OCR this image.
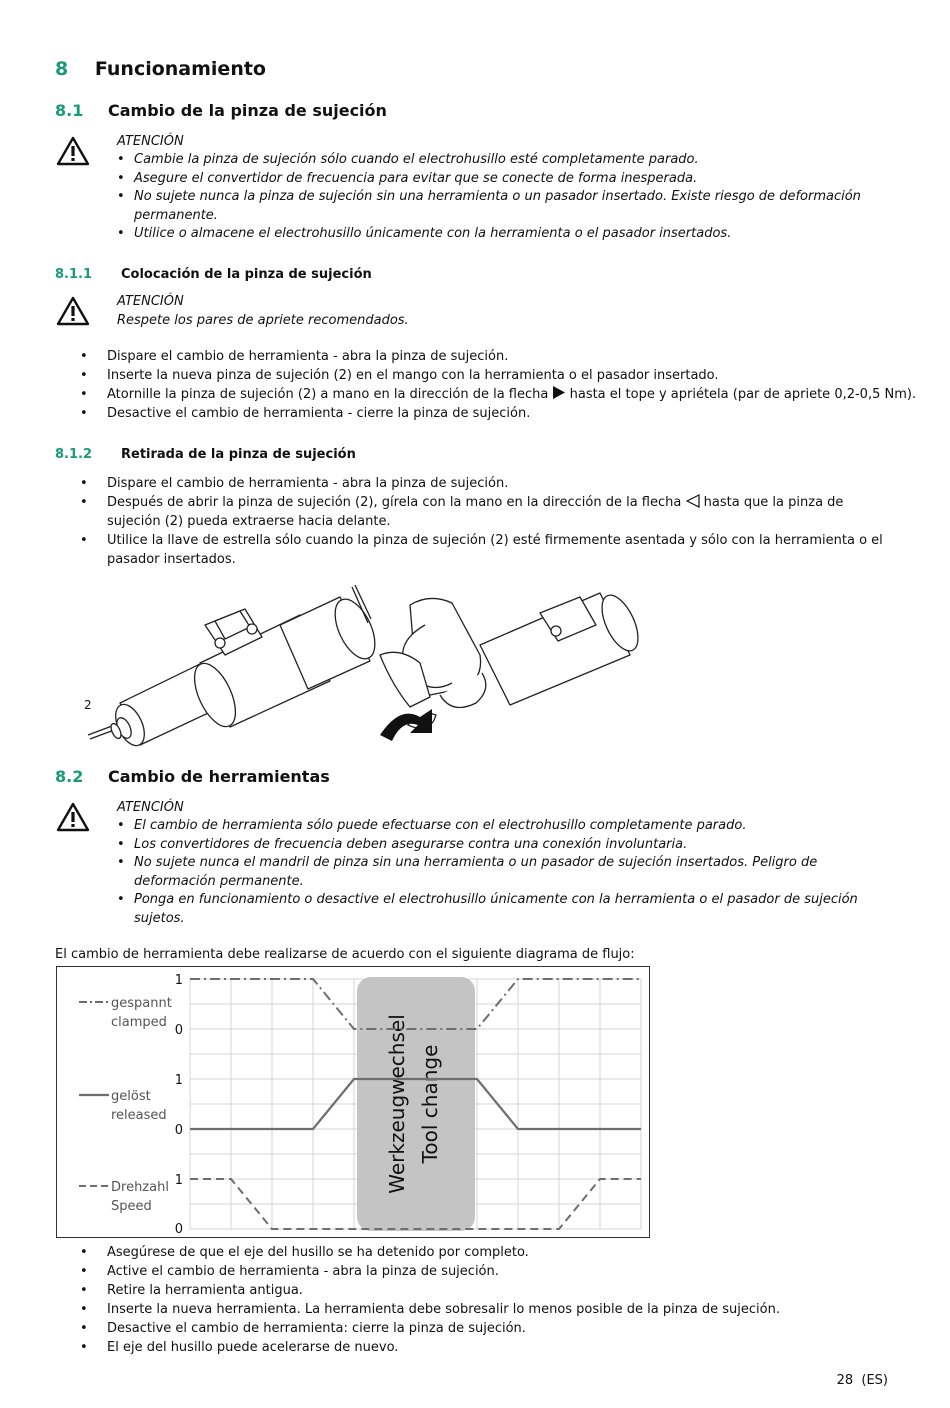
8 Funcionamiento
8.1 Cambio de la pinza de sujeción
ATENCIÓN
• Cambie la pinza de sujeción sólo cuando el electrohusillo esté completamente parado.
• Asegure el convertidor de frecuencia para evitar que se conecte de forma inesperada.
• No sujete nunca la pinza de sujeción sin una herramienta o un pasador insertado. Existe riesgo de deformación permanente.
• Utilice o almacene el electrohusillo únicamente con la herramienta o el pasador insertados.
8.1.1 Colocación de la pinza de sujeción
ATENCIÓN
Respete los pares de apriete recomendados.
• Dispare el cambio de herramienta - abra la pinza de sujeción.
• Inserte la nueva pinza de sujeción (2) en el mango con la herramienta o el pasador insertado.
• Atornille la pinza de sujeción (2) a mano en la dirección de la flecha hasta el tope y apriétela (par de apriete 0,2-0,5 Nm).
• Desactive el cambio de herramienta - cierre la pinza de sujeción.
8.1.2 Retirada de la pinza de sujeción
• Dispare el cambio de herramienta - abra la pinza de sujeción.
• Después de abrir la pinza de sujeción (2), gírela con la mano en la dirección de la flecha hasta que la pinza de sujeción (2) pueda extraerse hacia delante.
• Utilice la llave de estrella sólo cuando la pinza de sujeción (2) esté firmemente asentada y sólo con la herramienta o el pasador insertados.
2
8.2 Cambio de herramientas
ATENCIÓN
• El cambio de herramienta sólo puede efectuarse con el electrohusillo completamente parado.
• Los convertidores de frecuencia deben asegurarse contra una conexión involuntaria.
• No sujete nunca el mandril de pinza sin una herramienta o un pasador de sujeción insertados. Peligro de deformación permanente.
• Ponga en funcionamiento o desactive el electrohusillo únicamente con la herramienta o el pasador de sujeción sujetos.
El cambio de herramienta debe realizarse de acuerdo con el siguiente diagrama de flujo:
Werkzeugwechsel Tool change
gespannt
clamped
gelöst
released
Drehzahl
Speed
1
0
1
0
1
0
• Asegúrese de que el eje del husillo se ha detenido por completo.
• Active el cambio de herramienta - abra la pinza de sujeción.
• Retire la herramienta antigua.
• Inserte la nueva herramienta. La herramienta debe sobresalir lo menos posible de la pinza de sujeción.
• Desactive el cambio de herramienta: cierre la pinza de sujeción.
• El eje del husillo puede acelerarse de nuevo.
28  (ES)
